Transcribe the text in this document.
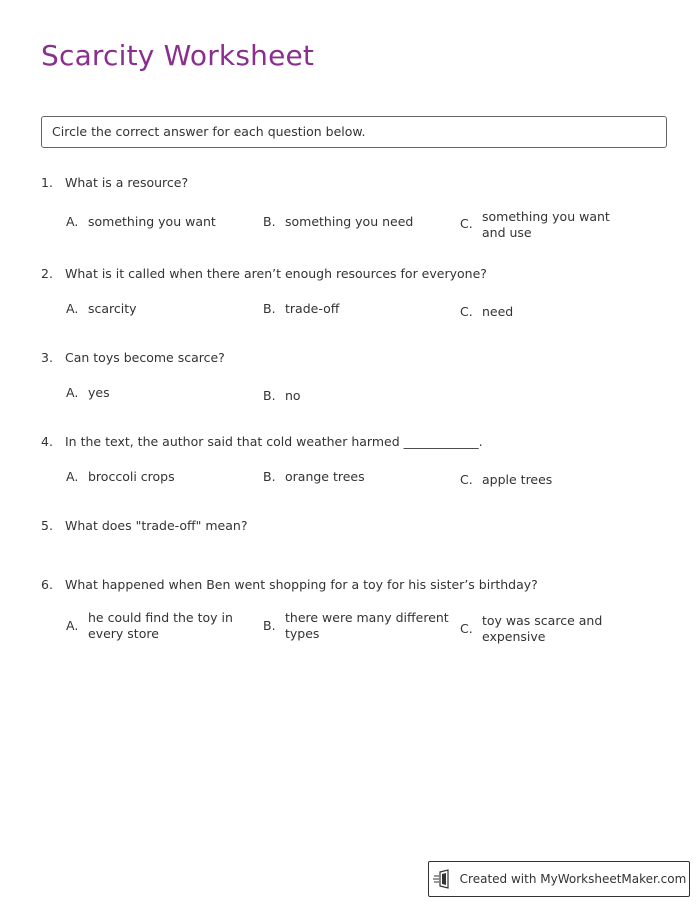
Scarcity Worksheet
Circle the correct answer for each question below.
1. What is a resource?
A. something you want	B. something you need	C. something you want and use
2. What is it called when there aren’t enough resources for everyone?
A. scarcity	B. trade-off	C. need
3. Can toys become scarce?
A. yes	B. no
4. In the text, the author said that cold weather harmed ____________.
A. broccoli crops	B. orange trees	C. apple trees
5. What does "trade-off" mean?
6. What happened when Ben went shopping for a toy for his sister’s birthday?
A.
he could find the toy in every store
B.
there were many different types	C.
toy was scarce and expensive
Created with MyWorksheetMaker.com
